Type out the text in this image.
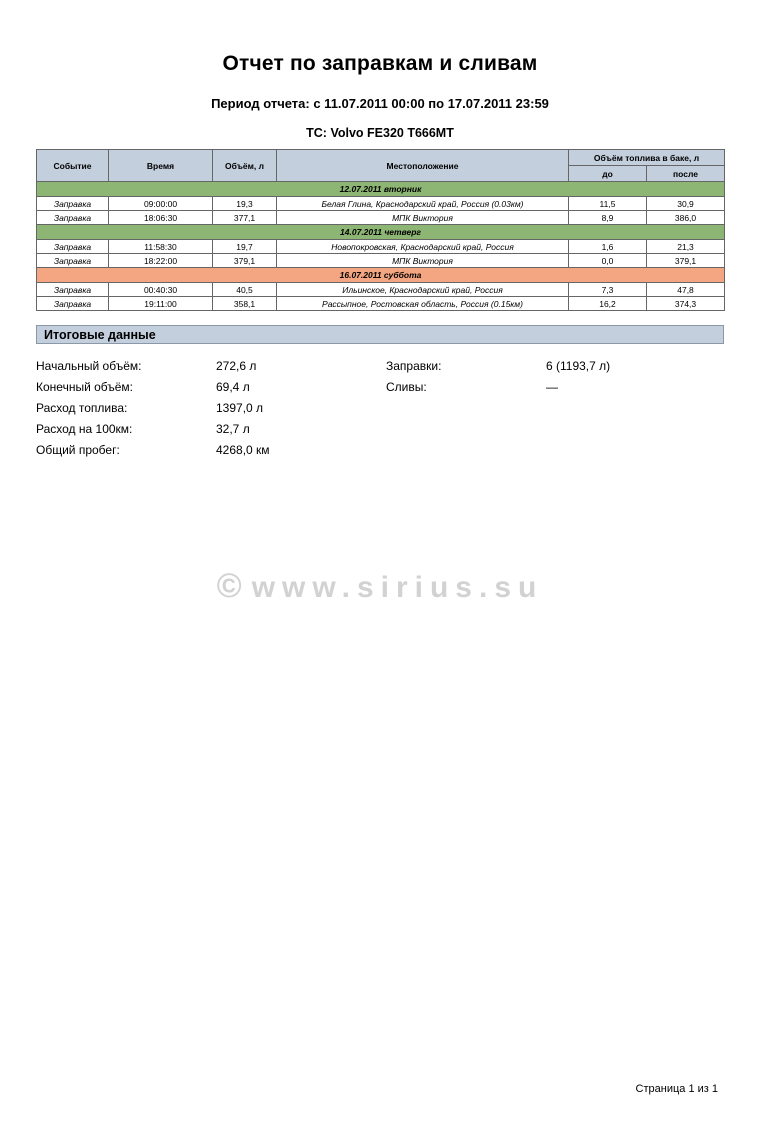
Отчет по заправкам и сливам
Период отчета: с 11.07.2011 00:00 по 17.07.2011 23:59
ТС: Volvo FE320 T666MT
Событие	Время	Объём, л	Местоположение	Объём топлива в баке, л	
				до	после
12.07.2011 вторник					
Заправка	09:00:00	19,3	Белая Глина, Краснодарский край, Россия (0.03км)	11,5	30,9
Заправка	18:06:30	377,1	МПК Виктория	8,9	386,0
14.07.2011 четверг					
Заправка	11:58:30	19,7	Новопокровская, Краснодарский край, Россия	1,6	21,3
Заправка	18:22:00	379,1	МПК Виктория	0,0	379,1
16.07.2011 суббота					
Заправка	00:40:30	40,5	Ильинское, Краснодарский край, Россия	7,3	47,8
Заправка	19:11:00	358,1	Рассыпное, Ростовская область, Россия (0.15км)	16,2	374,3
Итоговые данные
Начальный объём:	272,6 л	Заправки:	6 (1193,7 л)
Конечный объём:	69,4 л	Сливы:	—
Расход топлива:	1397,0 л
Расход на 100км:	32,7 л
Общий пробег:	4268,0 км
© www.sirius.su
Страница 1 из 1
